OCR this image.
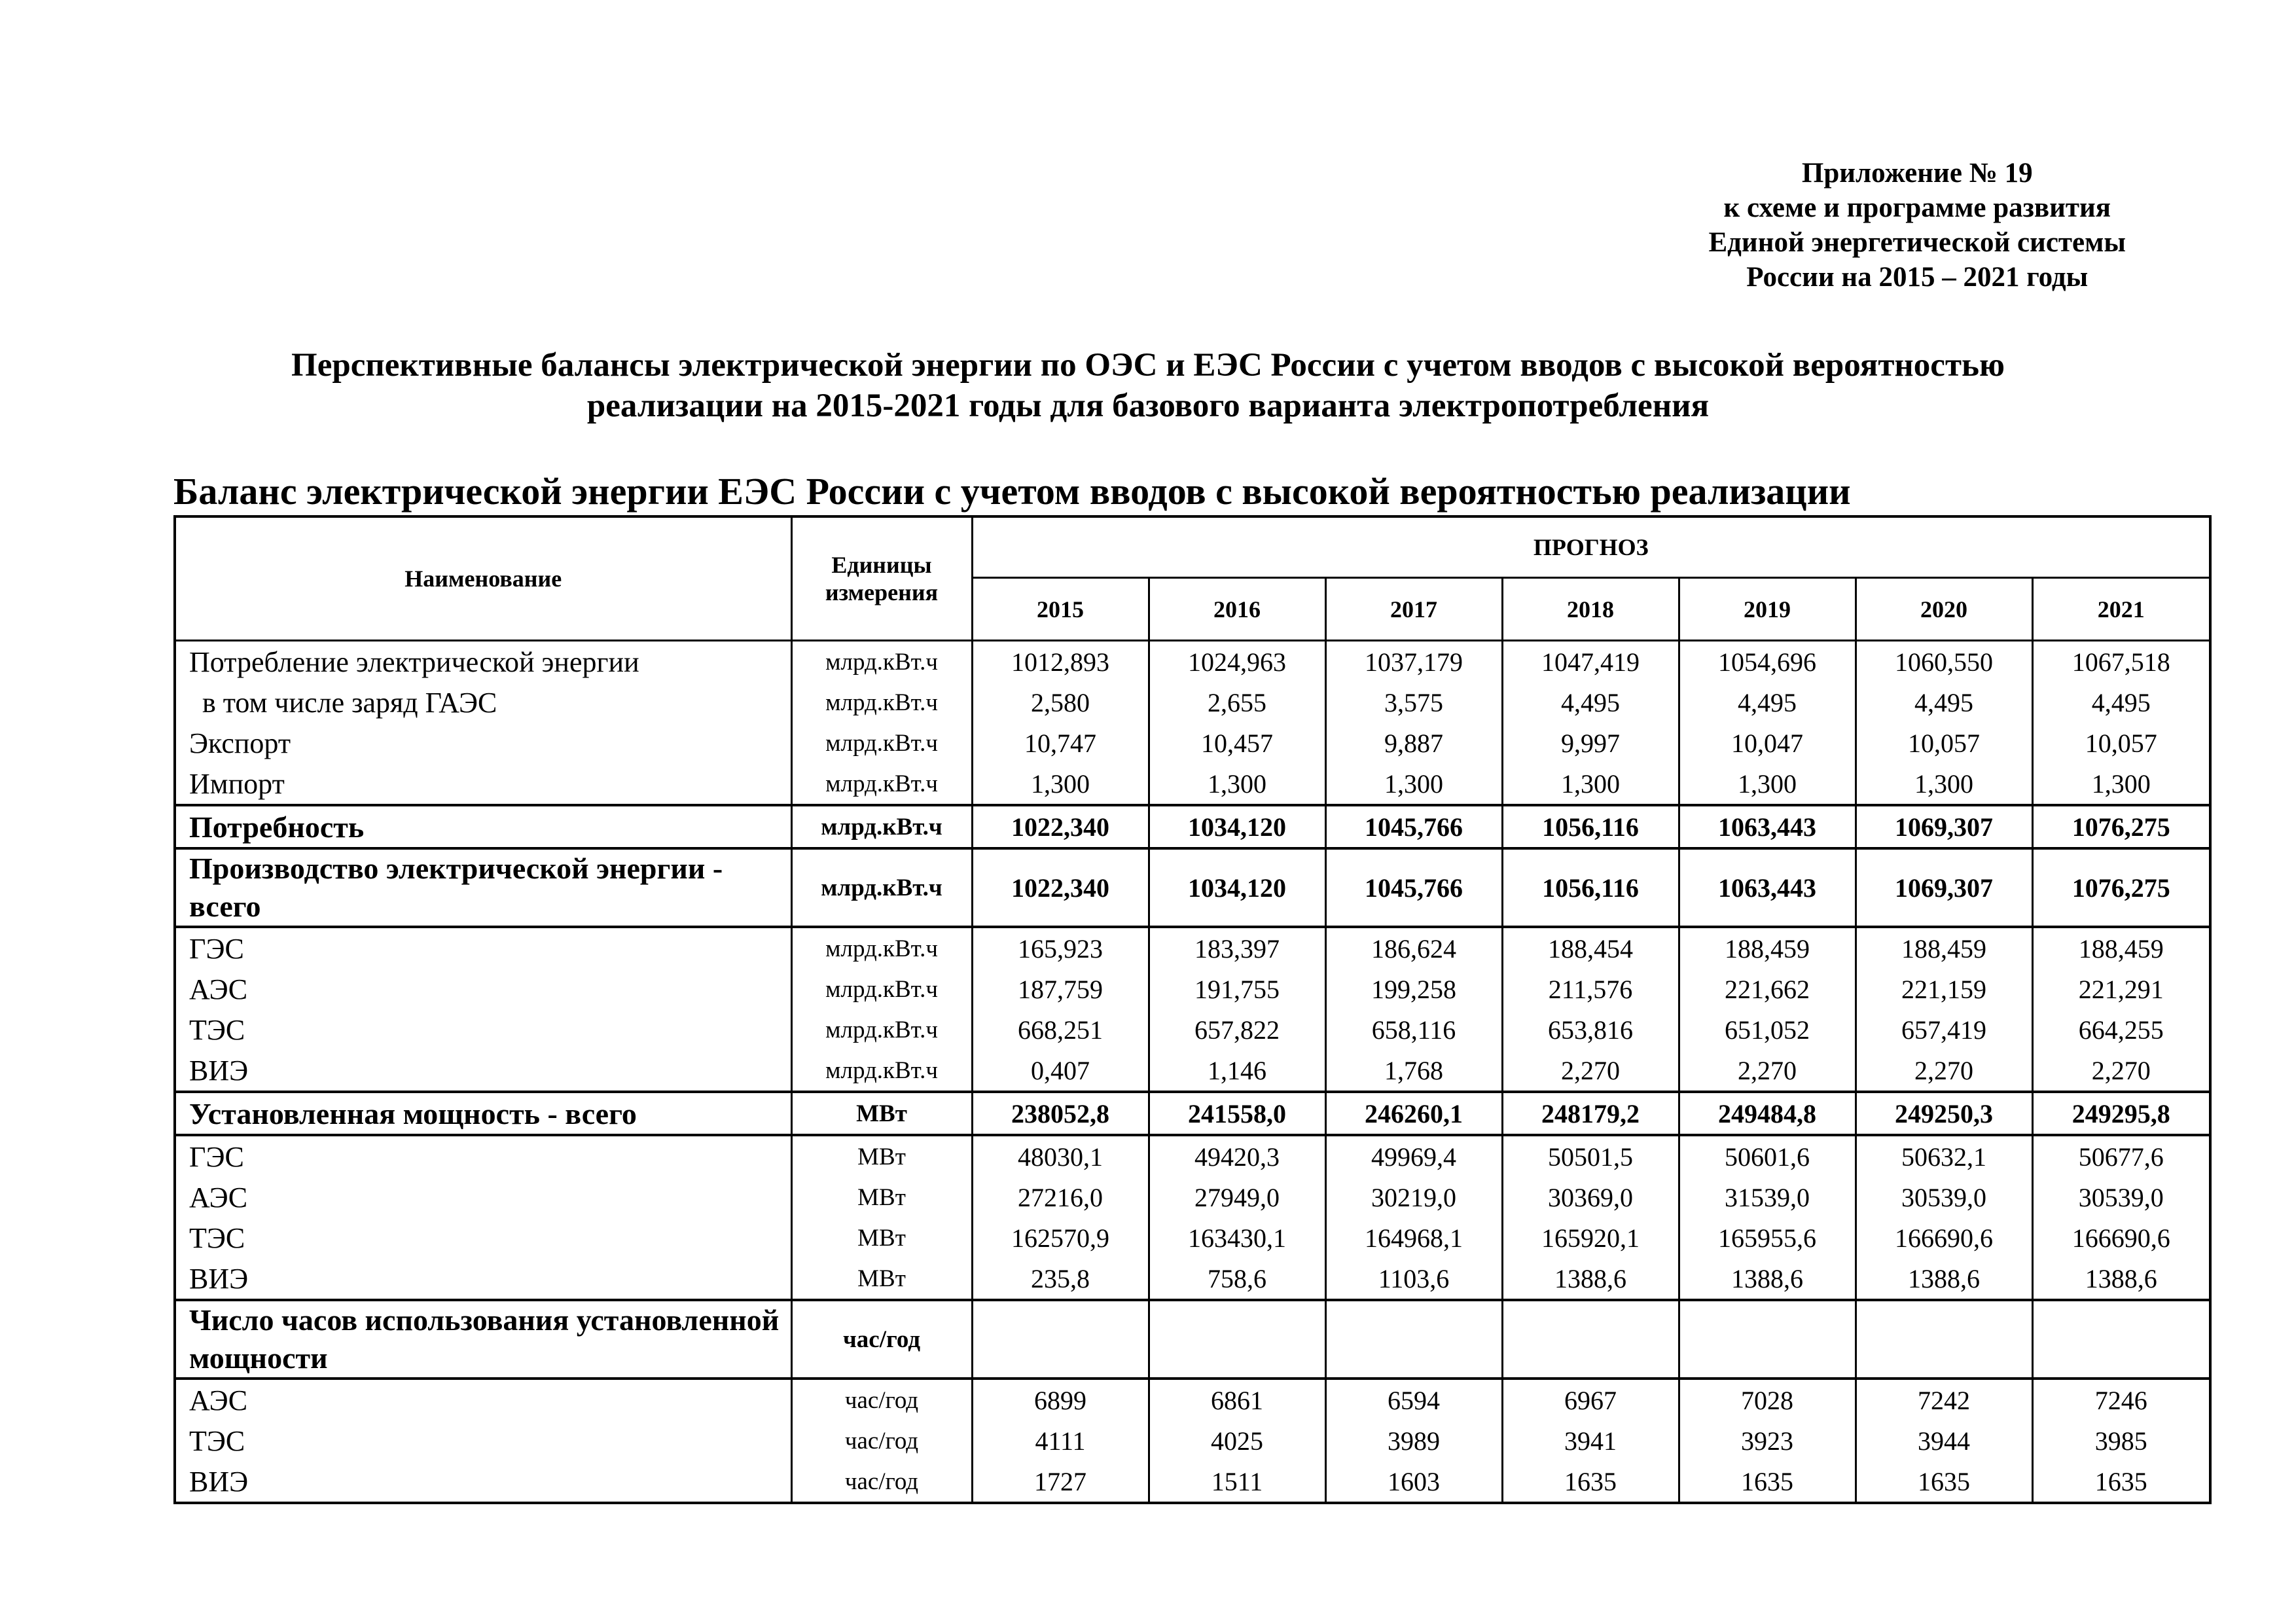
Приложение № 19
к схеме и программе развития
Единой энергетической системы
России на 2015 – 2021 годы
Перспективные балансы электрической энергии по ОЭС и ЕЭС России с учетом вводов с высокой вероятностью
реализации на 2015-2021 годы для базового варианта электропотребления
Баланс электрической энергии ЕЭС России с учетом вводов с высокой вероятностью реализации
Наименование	Единицы измерения	ПРОГНОЗ						
		2015	2016	2017	2018	2019	2020	2021
Потребление электрической энергии	млрд.кВт.ч	1012,893	1024,963	1037,179	1047,419	1054,696	1060,550	1067,518
в том числе заряд ГАЭС	млрд.кВт.ч	2,580	2,655	3,575	4,495	4,495	4,495	4,495
Экспорт	млрд.кВт.ч	10,747	10,457	9,887	9,997	10,047	10,057	10,057
Импорт	млрд.кВт.ч	1,300	1,300	1,300	1,300	1,300	1,300	1,300
Потребность	млрд.кВт.ч	1022,340	1034,120	1045,766	1056,116	1063,443	1069,307	1076,275
Производство электрической энергии - всего	млрд.кВт.ч	1022,340	1034,120	1045,766	1056,116	1063,443	1069,307	1076,275
ГЭС	млрд.кВт.ч	165,923	183,397	186,624	188,454	188,459	188,459	188,459
АЭС	млрд.кВт.ч	187,759	191,755	199,258	211,576	221,662	221,159	221,291
ТЭС	млрд.кВт.ч	668,251	657,822	658,116	653,816	651,052	657,419	664,255
ВИЭ	млрд.кВт.ч	0,407	1,146	1,768	2,270	2,270	2,270	2,270
Установленная мощность - всего	МВт	238052,8	241558,0	246260,1	248179,2	249484,8	249250,3	249295,8
ГЭС	МВт	48030,1	49420,3	49969,4	50501,5	50601,6	50632,1	50677,6
АЭС	МВт	27216,0	27949,0	30219,0	30369,0	31539,0	30539,0	30539,0
ТЭС	МВт	162570,9	163430,1	164968,1	165920,1	165955,6	166690,6	166690,6
ВИЭ	МВт	235,8	758,6	1103,6	1388,6	1388,6	1388,6	1388,6
Число часов использования установленной мощности	час/год							
АЭС	час/год	6899	6861	6594	6967	7028	7242	7246
ТЭС	час/год	4111	4025	3989	3941	3923	3944	3985
ВИЭ	час/год	1727	1511	1603	1635	1635	1635	1635
